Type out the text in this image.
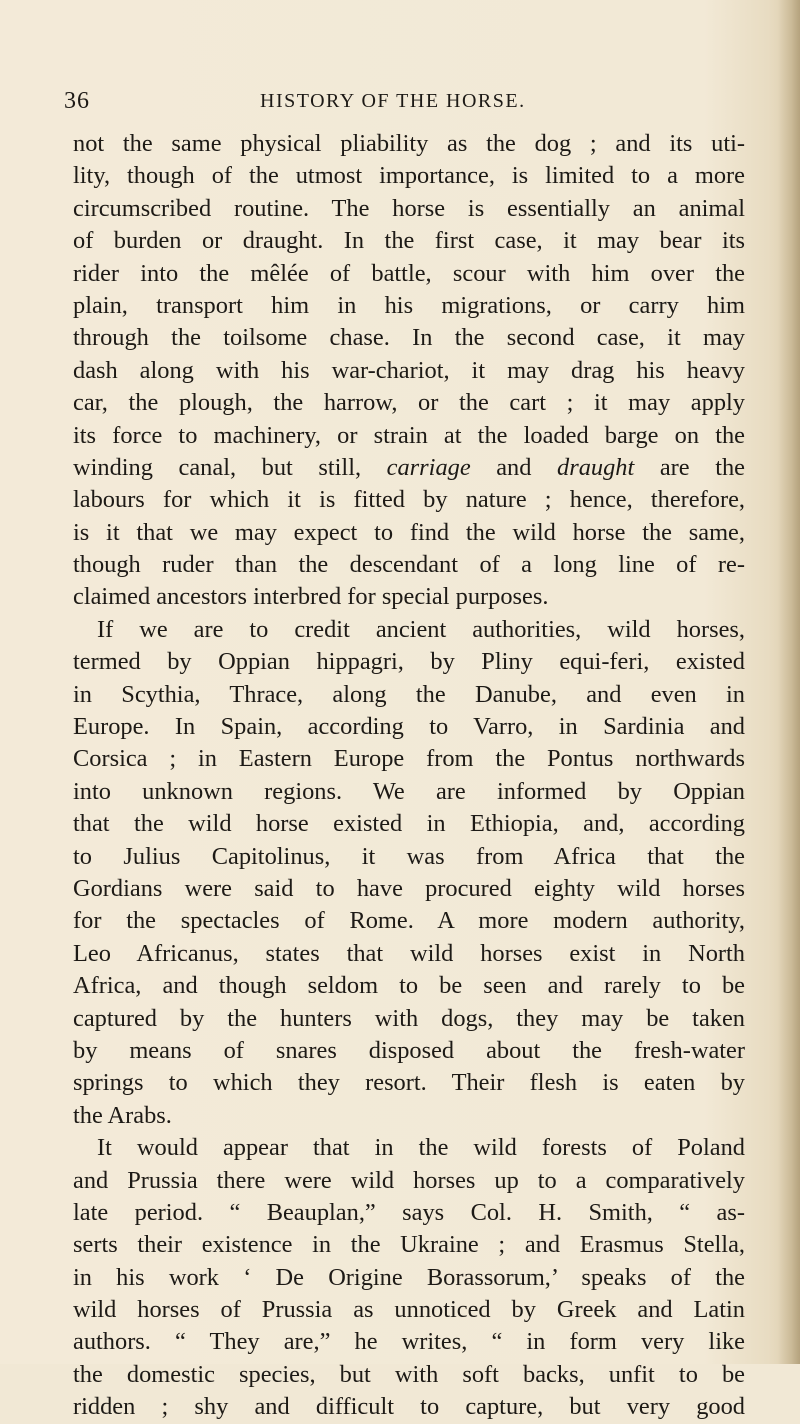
36	HISTORY OF THE HORSE.
not the same physical pliability as the dog ; and its uti-
lity, though of the utmost importance, is limited to a more
circumscribed routine. The horse is essentially an animal
of burden or draught. In the first case, it may bear its
rider into the mêlée of battle, scour with him over the
plain, transport him in his migrations, or carry him
through the toilsome chase. In the second case, it may
dash along with his war-chariot, it may drag his heavy
car, the plough, the harrow, or the cart ; it may apply
its force to machinery, or strain at the loaded barge on the
winding canal, but still, carriage and draught are the
labours for which it is fitted by nature ; hence, therefore,
is it that we may expect to find the wild horse the same,
though ruder than the descendant of a long line of re-
claimed ancestors interbred for special purposes.
If we are to credit ancient authorities, wild horses,
termed by Oppian hippagri, by Pliny equi-feri, existed
in Scythia, Thrace, along the Danube, and even in
Europe. In Spain, according to Varro, in Sardinia and
Corsica ; in Eastern Europe from the Pontus northwards
into unknown regions. We are informed by Oppian
that the wild horse existed in Ethiopia, and, according
to Julius Capitolinus, it was from Africa that the
Gordians were said to have procured eighty wild horses
for the spectacles of Rome. A more modern authority,
Leo Africanus, states that wild horses exist in North
Africa, and though seldom to be seen and rarely to be
captured by the hunters with dogs, they may be taken
by means of snares disposed about the fresh-water
springs to which they resort. Their flesh is eaten by
the Arabs.
It would appear that in the wild forests of Poland
and Prussia there were wild horses up to a comparatively
late period. “ Beauplan,” says Col. H. Smith, “ as-
serts their existence in the Ukraine ; and Erasmus Stella,
in his work ‘ De Origine Borassorum,’ speaks of the
wild horses of Prussia as unnoticed by Greek and Latin
authors. “ They are,” he writes, “ in form very like
the domestic species, but with soft backs, unfit to be
ridden ; shy and difficult to capture, but very good
